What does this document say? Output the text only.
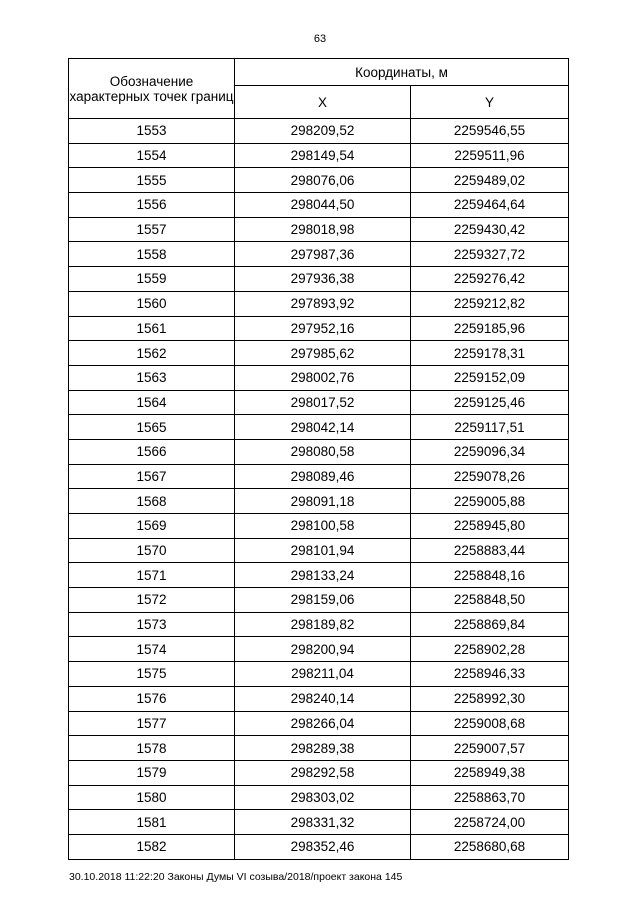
63
Обозначение характерных точек границ	Координаты, м	
	X	Y
1553	298209,52	2259546,55
1554	298149,54	2259511,96
1555	298076,06	2259489,02
1556	298044,50	2259464,64
1557	298018,98	2259430,42
1558	297987,36	2259327,72
1559	297936,38	2259276,42
1560	297893,92	2259212,82
1561	297952,16	2259185,96
1562	297985,62	2259178,31
1563	298002,76	2259152,09
1564	298017,52	2259125,46
1565	298042,14	2259117,51
1566	298080,58	2259096,34
1567	298089,46	2259078,26
1568	298091,18	2259005,88
1569	298100,58	2258945,80
1570	298101,94	2258883,44
1571	298133,24	2258848,16
1572	298159,06	2258848,50
1573	298189,82	2258869,84
1574	298200,94	2258902,28
1575	298211,04	2258946,33
1576	298240,14	2258992,30
1577	298266,04	2259008,68
1578	298289,38	2259007,57
1579	298292,58	2258949,38
1580	298303,02	2258863,70
1581	298331,32	2258724,00
1582	298352,46	2258680,68
30.10.2018 11:22:20 Законы Думы VI созыва/2018/проект закона 145
